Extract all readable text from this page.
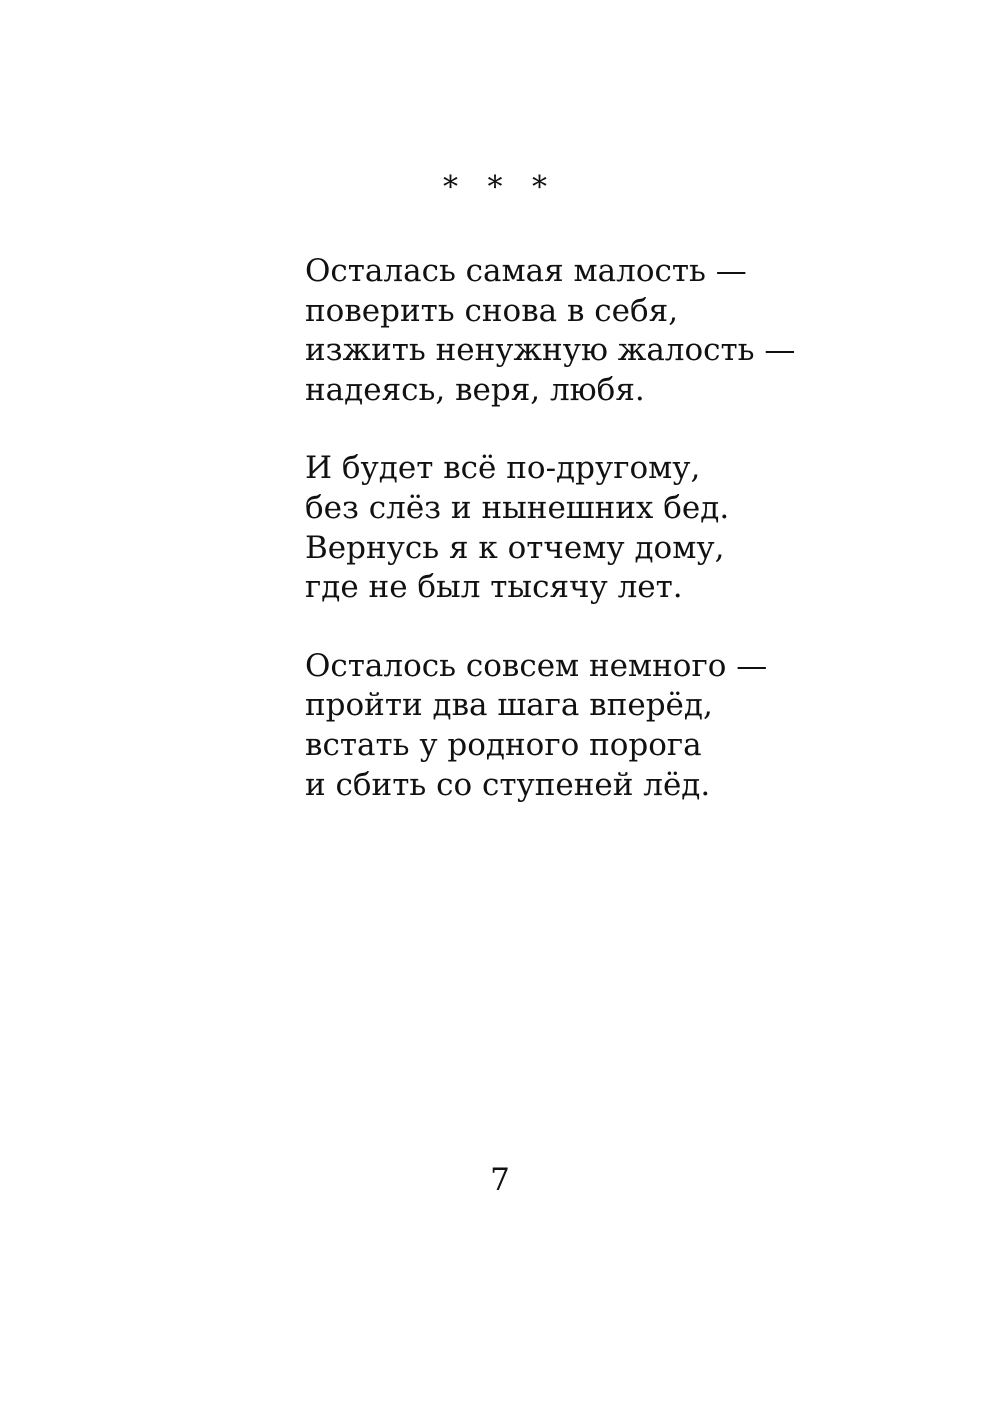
* * *
Осталась самая малость —
поверить снова в себя,
изжить ненужную жалость —
надеясь, веря, любя.
И будет всё по-другому,
без слёз и нынешних бед.
Вернусь я к отчему дому,
где не был тысячу лет.
Осталось совсем немного —
пройти два шага вперёд,
встать у родного порога
и сбить со ступеней лёд.
7
